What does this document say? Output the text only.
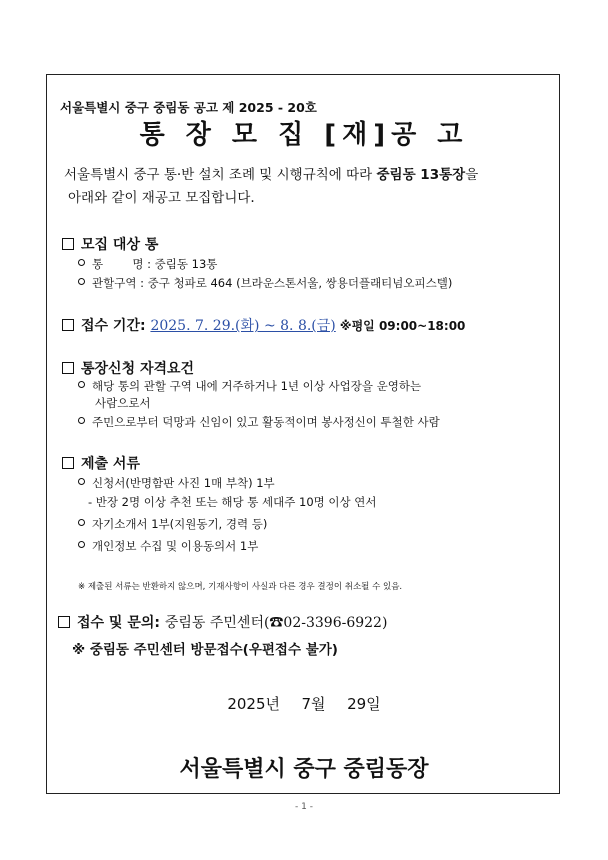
서울특별시 중구 중림동 공고 제 2025 - 20호
통 장 모 집 [재]공 고
서울특별시 중구 통·반 설치 조례 및 시행규칙에 따라 중림동 13통장을
아래와 같이 재공고 모집합니다.
모집 대상 통
통        명 : 중림동 13통
관할구역 : 중구 청파로 464 (브라운스톤서울, 쌍용더플래티넘오피스텔)
접수 기간: 2025. 7. 29.(화) ~ 8. 8.(금) ※평일 09:00~18:00
통장신청 자격요건
해당 통의 관할 구역 내에 거주하거나 1년 이상 사업장을 운영하는
사람으로서
주민으로부터 덕망과 신임이 있고 활동적이며 봉사정신이 투철한 사람
제출 서류
신청서(반명함판 사진 1매 부착) 1부
- 반장 2명 이상 추천 또는 해당 통 세대주 10명 이상 연서
자기소개서 1부(지원동기, 경력 등)
개인정보 수집 및 이용동의서 1부
※ 제출된 서류는 반환하지 않으며, 기재사항이 사실과 다른 경우 결정이 취소될 수 있음.
접수 및 문의: 중림동 주민센터(☎02-3396-6922)
※ 중림동 주민센터 방문접수(우편접수 불가)
2025년  7월  29일
서울특별시 중구 중림동장
- 1 -
